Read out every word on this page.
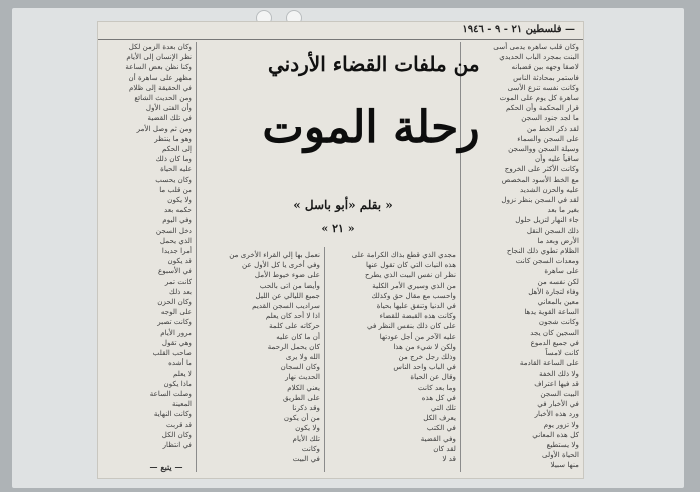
— فلسطين ٢١ - ٩ - ١٩٤٦
وكان قلب ساهره يدمى أسى
البنت بمجرد الباب الحديدي
لاصقا وجهه بين قضبانه
فاستمر بمحادثة الناس
وكانت نفسه تنزع الأسى
ساهرة كل يوم على الموت
قرار المحكمة وأن الحكم
ما لجد جنود السجن
لقد ذكر الخط من
على السجن والسماء
وسيلة السجن ووالسجن
ساقياً عليه وأن
وكانت الأكثر على الخروج
مع الخط الأسود المخصص
عليه والحزن الشديد
لقد في السجن بنظر نزول
بغير ما بعد
جاء النهار لتزيل حلول
ذلك السجن النقل
الأرض وبعد ما
الظلام تطوي ذلك النجاح
ومعدات السجن كانت
على ساهرة
لكن نفسه من
وفاء لتجارة الأهل
معين بالمعاني
الساعة القوية يدها
وكانت شجون
السجين كان يجد
في جميع الدموع
كانت لامساً
على الساعة القادمة
ولا ذلك الخفة
قد فيها اعتراف
البيت السجن
في الأخبار في
ورد هذه الأخبار
ولا تزور يوم
كل هذه المعاني
ولا يستطيع
الحياة الأولى
منها سبيلا
وكان بعدة الزمن لكل
نظر الإنسان إلى الأيام
وكنا نظن بعض الساعة
مظهر على ساهرة أن
في الحقيقة إلى ظلام
ومن الحديث الشائع
وأن الفتى الأول
في تلك القضية
ومن ثم وصل الأمر
وهو ما ينتظر
إلى الحكم
وما كان ذلك
عليه الحياة
وكان يحسب
من قلب ما
ولا يكون
حكمه بعد
وفي اليوم
دخل السجن
الذي يحمل
أمرا جديدا
قد يكون
في الأسبوع
كانت تمر
بعد ذلك
وكان الحزن
على الوجه
وكانت تصبر
مرور الأيام
وهي تقول
صاحب القلب
ما أشده
لا يعلم
ماذا يكون
وصلت الساعة
المعينة
وكانت النهاية
قد قربت
وكان الكل
في انتظار
مجدي الذي قطع بذاك الكرامة على
هذه النيات التي كان تقول عنها
نظر ان نفس البيت الذي يطرح
من الذي وسيري الأمر الكلية
واحسب مع مقال حق وكذلك
في الدنيا وتنفق عليها بحياة
وكانت هذه القبضة للقضاء
على كان ذلك بنفس النظر في
عليه الآخر من أجل عودتها
ولكن لا شيء من هذا
وذلك رجل خرج من
في الباب واحد الناس
وقال عن الحياة
وما بعد كانت
في كل هذه
تلك التي
يعرف الكل
في الكتب
وفي القضية
لقد كان
قد لا
نعمل بها إلي القراء الأخرى من
وفي أخرى يا كل الأول عن
على ضوء خيوط الأمل
وأيضا من اتى بالحب
جميع الليالي عن الليل
سراديب السجن القديم
اذا لا أحد كان يعلم
حركاته على كلمة
أن ما كان عليه
كان يحمل الرحمة
الله ولا يرى
وكان السجان
الحديث نهار
يعني الكلام
على الطريق
وقد ذكرنا
من أن يكون
ولا يكون
تلك الأيام
وكانت
في البيت
من ملفات القضاء الأردني
رحلة الموت
« بقلم «أبو باسل »
« ٢١ »
— يتبع —
